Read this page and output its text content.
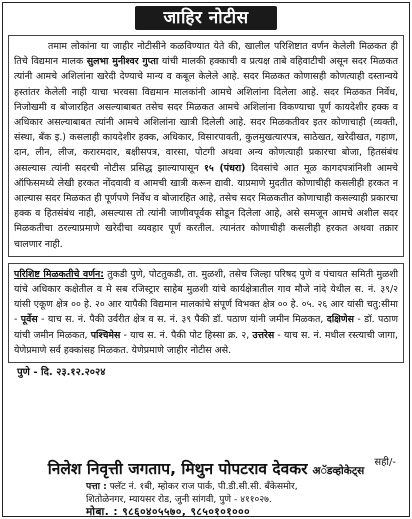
जाहिर नोटीस

तमाम लोकांना या जाहीर नोटीसीने कळविण्यात येते की, खालील परिशिष्टात वर्णन केलेली मिळकत ही तिचे विद्यमान मालक सुलभा मुनीश्वर गुप्ता यांची मालकी हक्काची व प्रत्यक्ष ताबे वहिवाटीची असून सदर मिळकत त्यांनी आमचे अशिलांना खरेदी देण्याचे मान्य व कबूल केलेले आहे. सदर मिळकत कोणासही कोणत्याही दस्तान्वये हस्तांतर केलेली नाही याचा भरवसा विद्यमान मालकांनी आमचे अशिलांना दिलेला आहे. सदर मिळकत निर्वेध, निजोखमी व बोजारहित असल्याबाबत तसेच सदर मिळकत आमचे अशिलांना विकण्याचा पूर्ण कायदेशीर हक्क व अधिकार असल्याबाबत त्यांनी आमचे अशिलांना खात्री दिलेली आहे. सदर मिळकतीवर इतर कोणाचाही (व्यक्ती, संस्था, बँक इ.) कसलाही कायदेशीर हक्क, अधिकार, विसारपावती, कुलमुखत्यारपत्र, साठेखत, खरेदीखत, गहाण, दान, लीन, लीज, करारमदार, बक्षीसपत्र, वारसा, पोटगी अथवा अन्य कोणत्याही प्रकारचा बोजा, हितसंबंध असल्यास त्यांनी सदरची नोटीस प्रसिद्ध झाल्यापासून १५ (पंधरा) दिवसांचे आत मूळ कागदपत्रांनिशी आमचे ऑफिसमध्ये लेखी हरकत नोंदवावी व आमची खात्री करून द्यावी. याप्रमाणे मुदतीत कोणाचीही कसलीही हरकत न आल्यास सदर मिळकत ही पूर्णपणे निर्वेध व बोजारहित आहे, तसेच सदर मिळकतीत कोणाचाही कसल्याही प्रकारचा हक्क व हितसंबंध नाही, असल्यास तो त्यांनी जाणीवपूर्वक सोडून दिलेला आहे, असे समजून आमचे अशील सदर मिळकतीचा ठरल्याप्रमाणे खरेदीचा व्यवहार पूर्ण करतील. त्यानंतर कोणाचीही कसलीही हरकत अथवा तक्रार चालणार नाही.

परिशिष्ट मिळकतीचे वर्णन: तुकडी पुणे, पोटतुकडी, ता. मुळशी, तसेच जिल्हा परिषद पुणे व पंचायत समिती मुळशी यांचे अधिकार कक्षेतील व मे सब रजिस्ट्रार साहेब मुळशी यांचे कार्यक्षेत्रातील गाव मौजे नांदे येथील स. नं. ३९/२ यांसी एकूण क्षेत्र ०० हे. २० आर यापैकी विद्यमान मालकांचे संपूर्ण विभक्त क्षेत्र ०० हे. ०५. २६ आर यांसी चतु:सीमा - पूर्वेस - याच स. नं. पैकी उर्वरीत क्षेत्र व स. नं. ३९ पैकी डॉ. पठाण यांनी जमीन मिळकत, दक्षिणेस - डॉ. पठाण यांची जमीन मिळकत, पश्चिमेस - याच स. नं. पैकी पोट हिस्सा क्र. २, उत्तरेस - याच स. नं. मधील रस्त्याची जागा, येणेप्रमाणे सर्व हक्कांसह मिळकत. येणेप्रमाणे जाहीर नोटीस असे.
पुणे - दि. २३.१२.२०२४
सही/-
निलेश निवृत्ती जगताप, मिथुन पोपटराव देवकर अॅडव्होकेट्स
पत्ता : फ्लॅट नं. १बी, म्होकर राज पार्क, पी.डी.सी.सी. बँकेसमोर,
शितोळेनगर, म्यायसर रोड, जुनी सांगवी, पुणे - ४११०२७.
मोबा. : ९८६०४०५५७०, ९८५०१०१०००
